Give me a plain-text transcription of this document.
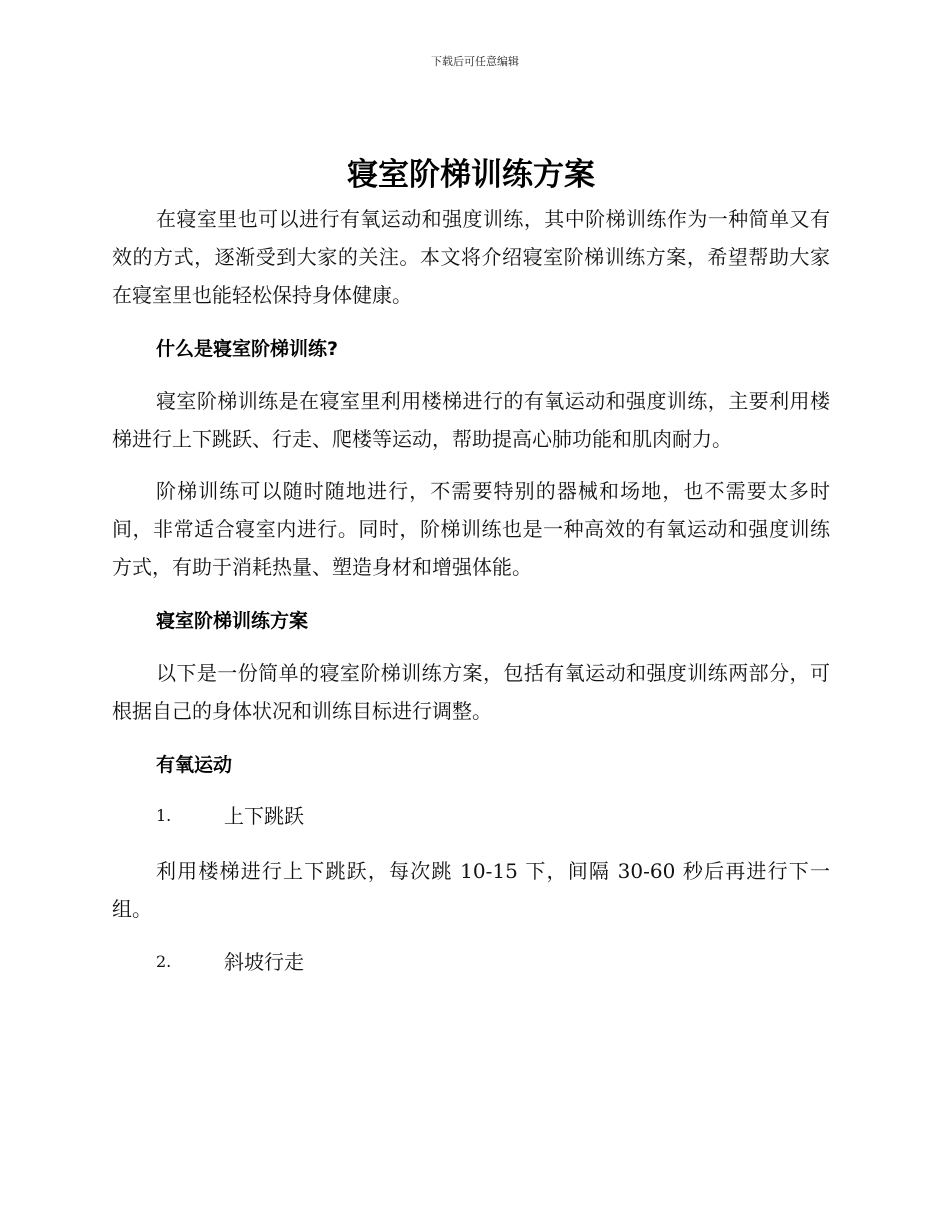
下载后可任意编辑
寝室阶梯训练方案

在寝室里也可以进行有氧运动和强度训练，其中阶梯训练作为一种简单又有效的方式，逐渐受到大家的关注。本文将介绍寝室阶梯训练方案，希望帮助大家在寝室里也能轻松保持身体健康。

什么是寝室阶梯训练?

寝室阶梯训练是在寝室里利用楼梯进行的有氧运动和强度训练，主要利用楼梯进行上下跳跃、行走、爬楼等运动，帮助提高心肺功能和肌肉耐力。

阶梯训练可以随时随地进行，不需要特别的器械和场地，也不需要太多时间，非常适合寝室内进行。同时，阶梯训练也是一种高效的有氧运动和强度训练方式，有助于消耗热量、塑造身材和增强体能。

寝室阶梯训练方案

以下是一份简单的寝室阶梯训练方案，包括有氧运动和强度训练两部分，可根据自己的身体状况和训练目标进行调整。

有氧运动
1.	上下跳跃

利用楼梯进行上下跳跃，每次跳 10-15 下，间隔 30-60 秒后再进行下一组。

2.	斜坡行走
